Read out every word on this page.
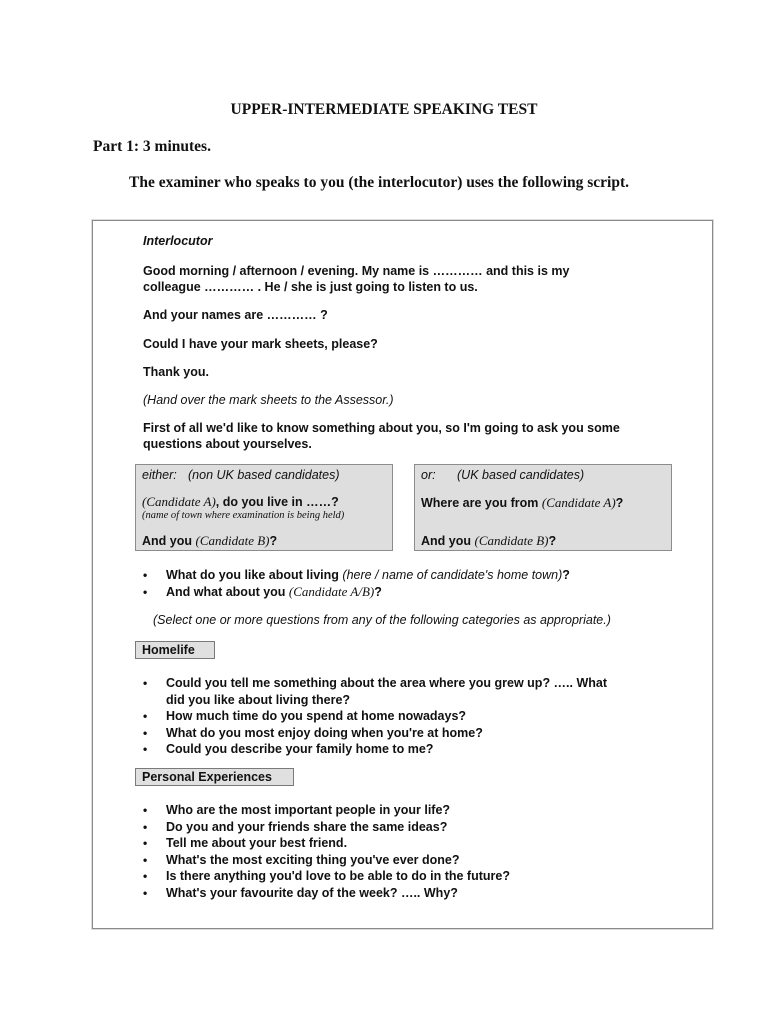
UPPER-INTERMEDIATE SPEAKING TEST
Part 1: 3 minutes.
The examiner who speaks to you (the interlocutor) uses the following script.
Interlocutor
Good morning / afternoon / evening. My name is ………… and this is my
colleague ………… . He / she is just going to listen to us.
And your names are ………… ?
Could I have your mark sheets, please?
Thank you.
(Hand over the mark sheets to the Assessor.)
First of all we'd like to know something about you, so I'm going to ask you some
questions about yourselves.
either: (non UK based candidates)
(Candidate A), do you live in ……?
(name of town where examination is being held)
And you (Candidate B)?
or: (UK based candidates)
Where are you from (Candidate A)?
And you (Candidate B)?
• What do you like about living (here / name of candidate's home town)?
• And what about you (Candidate A/B)?
(Select one or more questions from any of the following categories as appropriate.)
Homelife
• Could you tell me something about the area where you grew up? ….. What
did you like about living there?
• How much time do you spend at home nowadays?
• What do you most enjoy doing when you're at home?
• Could you describe your family home to me?
Personal Experiences
• Who are the most important people in your life?
• Do you and your friends share the same ideas?
• Tell me about your best friend.
• What's the most exciting thing you've ever done?
• Is there anything you'd love to be able to do in the future?
• What's your favourite day of the week? ….. Why?
